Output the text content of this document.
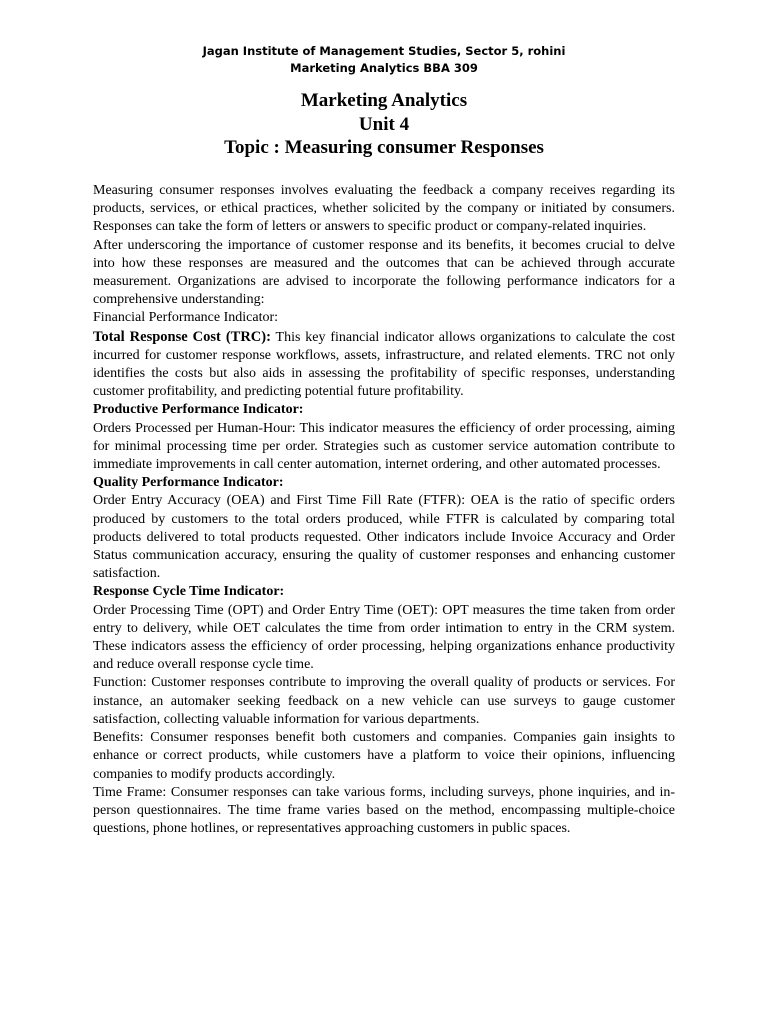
Jagan Institute of Management Studies, Sector 5, rohini
Marketing Analytics BBA 309
Marketing Analytics
Unit 4
Topic : Measuring consumer Responses

Measuring consumer responses involves evaluating the feedback a company receives regarding its products, services, or ethical practices, whether solicited by the company or initiated by consumers. Responses can take the form of letters or answers to specific product or company-related inquiries.

After underscoring the importance of customer response and its benefits, it becomes crucial to delve into how these responses are measured and the outcomes that can be achieved through accurate measurement. Organizations are advised to incorporate the following performance indicators for a comprehensive understanding:

Financial Performance Indicator:

Total Response Cost (TRC): This key financial indicator allows organizations to calculate the cost incurred for customer response workflows, assets, infrastructure, and related elements. TRC not only identifies the costs but also aids in assessing the profitability of specific responses, understanding customer profitability, and predicting potential future profitability.

Productive Performance Indicator:

Orders Processed per Human-Hour: This indicator measures the efficiency of order processing, aiming for minimal processing time per order. Strategies such as customer service automation contribute to immediate improvements in call center automation, internet ordering, and other automated processes.

Quality Performance Indicator:

Order Entry Accuracy (OEA) and First Time Fill Rate (FTFR): OEA is the ratio of specific orders produced by customers to the total orders produced, while FTFR is calculated by comparing total products delivered to total products requested. Other indicators include Invoice Accuracy and Order Status communication accuracy, ensuring the quality of customer responses and enhancing customer satisfaction.

Response Cycle Time Indicator:

Order Processing Time (OPT) and Order Entry Time (OET): OPT measures the time taken from order entry to delivery, while OET calculates the time from order intimation to entry in the CRM system. These indicators assess the efficiency of order processing, helping organizations enhance productivity and reduce overall response cycle time.

Function: Customer responses contribute to improving the overall quality of products or services. For instance, an automaker seeking feedback on a new vehicle can use surveys to gauge customer satisfaction, collecting valuable information for various departments.

Benefits: Consumer responses benefit both customers and companies. Companies gain insights to enhance or correct products, while customers have a platform to voice their opinions, influencing companies to modify products accordingly.

Time Frame: Consumer responses can take various forms, including surveys, phone inquiries, and in-person questionnaires. The time frame varies based on the method, encompassing multiple-choice questions, phone hotlines, or representatives approaching customers in public spaces.
